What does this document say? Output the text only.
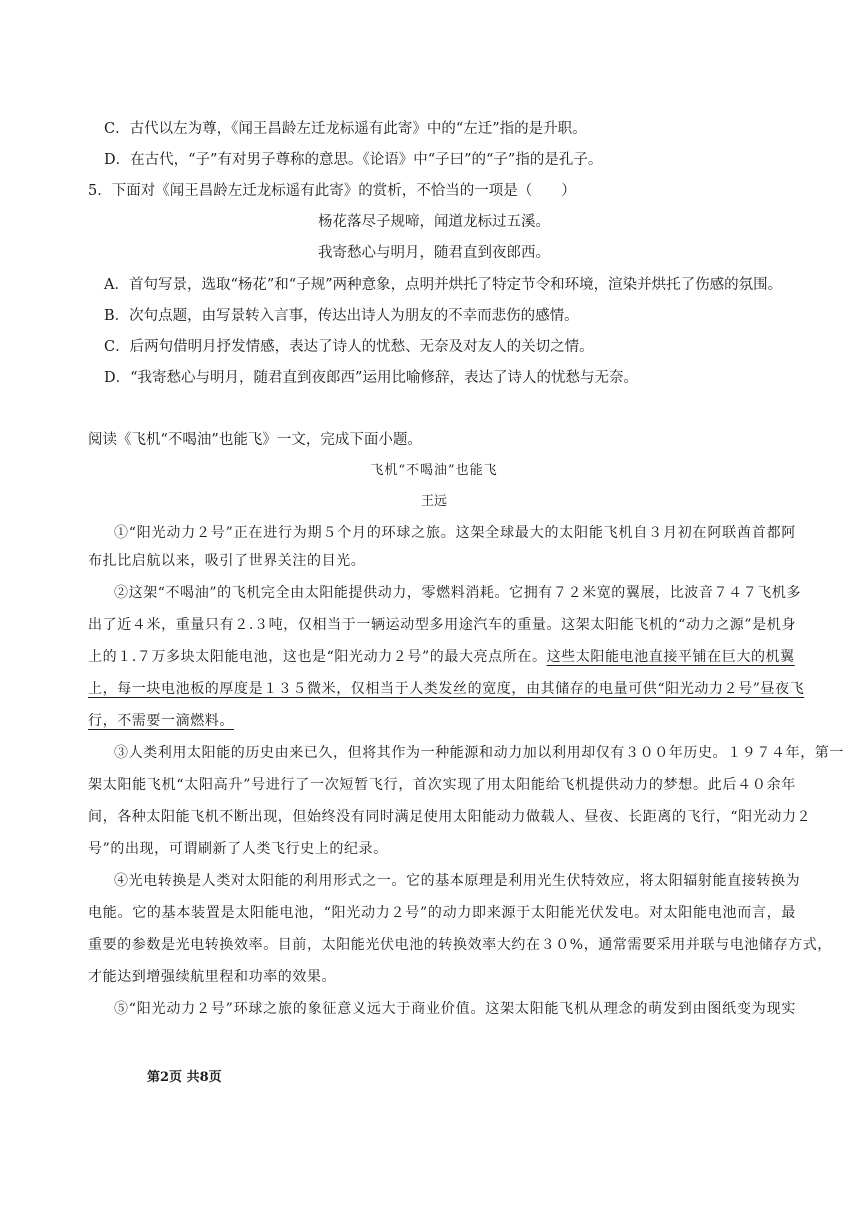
C．古代以左为尊，《闻王昌龄左迁龙标遥有此寄》中的“左迁”指的是升职。
D．在古代，“子”有对男子尊称的意思。《论语》中“子曰”的“子”指的是孔子。
5．下面对《闻王昌龄左迁龙标遥有此寄》的赏析，不恰当的一项是（　　）
杨花落尽子规啼，闻道龙标过五溪。
我寄愁心与明月，随君直到夜郎西。
A．首句写景，选取“杨花”和“子规”两种意象，点明并烘托了特定节令和环境，渲染并烘托了伤感的氛围。
B．次句点题，由写景转入言事，传达出诗人为朋友的不幸而悲伤的感情。
C．后两句借明月抒发情感，表达了诗人的忧愁、无奈及对友人的关切之情。
D．“我寄愁心与明月，随君直到夜郎西”运用比喻修辞，表达了诗人的忧愁与无奈。
阅读《飞机“不喝油”也能飞》一文，完成下面小题。
飞机“不喝油”也能飞
王远
①“阳光动力２号”正在进行为期５个月的环球之旅。这架全球最大的太阳能飞机自３月初在阿联酋首都阿
布扎比启航以来，吸引了世界关注的目光。
②这架“不喝油”的飞机完全由太阳能提供动力，零燃料消耗。它拥有７２米宽的翼展，比波音７４７飞机多
出了近４米，重量只有２.３吨，仅相当于一辆运动型多用途汽车的重量。这架太阳能飞机的“动力之源”是机身
上的１.７万多块太阳能电池，这也是“阳光动力２号”的最大亮点所在。这些太阳能电池直接平铺在巨大的机翼
上，每一块电池板的厚度是１３５微米，仅相当于人类发丝的宽度，由其储存的电量可供“阳光动力２号”昼夜飞
行，不需要一滴燃料。
③人类利用太阳能的历史由来已久，但将其作为一种能源和动力加以利用却仅有３００年历史。１９７４年，第一
架太阳能飞机“太阳高升”号进行了一次短暂飞行，首次实现了用太阳能给飞机提供动力的梦想。此后４０余年
间，各种太阳能飞机不断出现，但始终没有同时满足使用太阳能动力做载人、昼夜、长距离的飞行，“阳光动力２
号”的出现，可谓刷新了人类飞行史上的纪录。
④光电转换是人类对太阳能的利用形式之一。它的基本原理是利用光生伏特效应，将太阳辐射能直接转换为
电能。它的基本装置是太阳能电池，“阳光动力２号”的动力即来源于太阳能光伏发电。对太阳能电池而言，最
重要的参数是光电转换效率。目前，太阳能光伏电池的转换效率大约在３０%，通常需要采用并联与电池储存方式，
才能达到增强续航里程和功率的效果。
⑤“阳光动力２号”环球之旅的象征意义远大于商业价值。这架太阳能飞机从理念的萌发到由图纸变为现实
第2页 共8页
